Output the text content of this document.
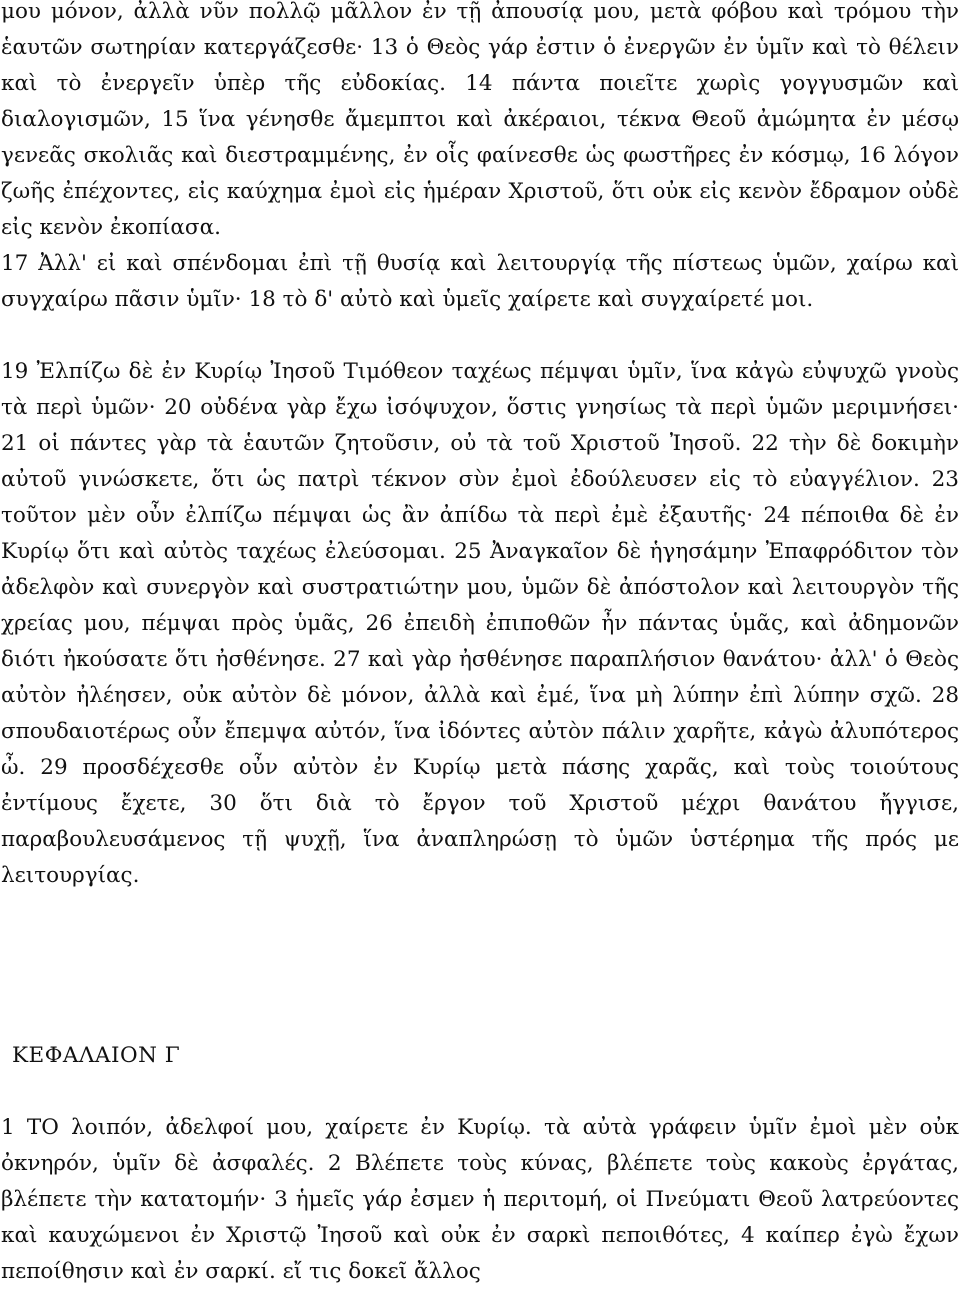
μου μόνον, ἀλλὰ νῦν πολλῷ μᾶλλον ἐν τῇ ἀπουσίᾳ μου, μετὰ φόβου καὶ τρόμου τὴν ἑαυτῶν σωτηρίαν κατεργάζεσθε· 13 ὁ Θεὸς γάρ ἐστιν ὁ ἐνεργῶν ἐν ὑμῖν καὶ τὸ θέλειν καὶ τὸ ἐνεργεῖν ὑπὲρ τῆς εὐδοκίας. 14 πάντα ποιεῖτε χωρὶς γογγυσμῶν καὶ διαλογισμῶν, 15 ἵνα γένησθε ἄμεμπτοι καὶ ἀκέραιοι, τέκνα Θεοῦ ἀμώμητα ἐν μέσῳ γενεᾶς σκολιᾶς καὶ διεστραμμένης, ἐν οἷς φαίνεσθε ὡς φωστῆρες ἐν κόσμῳ, 16 λόγον ζωῆς ἐπέχοντες, εἰς καύχημα ἐμοὶ εἰς ἡμέραν Χριστοῦ, ὅτι οὐκ εἰς κενὸν ἔδραμον οὐδὲ εἰς κενὸν ἐκοπίασα.

17 Ἀλλ' εἰ καὶ σπένδομαι ἐπὶ τῇ θυσίᾳ καὶ λειτουργίᾳ τῆς πίστεως ὑμῶν, χαίρω καὶ συγχαίρω πᾶσιν ὑμῖν· 18 τὸ δ' αὐτὸ καὶ ὑμεῖς χαίρετε καὶ συγχαίρετέ μοι.

19 Ἐλπίζω δὲ ἐν Κυρίῳ Ἰησοῦ Τιμόθεον ταχέως πέμψαι ὑμῖν, ἵνα κἀγὼ εὐψυχῶ γνοὺς τὰ περὶ ὑμῶν· 20 οὐδένα γὰρ ἔχω ἰσόψυχον, ὅστις γνησίως τὰ περὶ ὑμῶν μεριμνήσει· 21 οἱ πάντες γὰρ τὰ ἑαυτῶν ζητοῦσιν, οὐ τὰ τοῦ Χριστοῦ Ἰησοῦ. 22 τὴν δὲ δοκιμὴν αὐτοῦ γινώσκετε, ὅτι ὡς πατρὶ τέκνον σὺν ἐμοὶ ἐδούλευσεν εἰς τὸ εὐαγγέλιον. 23 τοῦτον μὲν οὖν ἐλπίζω πέμψαι ὡς ἂν ἀπίδω τὰ περὶ ἐμὲ ἐξαυτῆς· 24 πέποιθα δὲ ἐν Κυρίῳ ὅτι καὶ αὐτὸς ταχέως ἐλεύσομαι. 25 Ἀναγκαῖον δὲ ἡγησάμην Ἐπαφρόδιτον τὸν ἀδελφὸν καὶ συνεργὸν καὶ συστρατιώτην μου, ὑμῶν δὲ ἀπόστολον καὶ λειτουργὸν τῆς χρείας μου, πέμψαι πρὸς ὑμᾶς, 26 ἐπειδὴ ἐπιποθῶν ἦν πάντας ὑμᾶς, καὶ ἀδημονῶν διότι ἠκούσατε ὅτι ἠσθένησε. 27 καὶ γὰρ ἠσθένησε παραπλήσιον θανάτου· ἀλλ' ὁ Θεὸς αὐτὸν ἠλέησεν, οὐκ αὐτὸν δὲ μόνον, ἀλλὰ καὶ ἐμέ, ἵνα μὴ λύπην ἐπὶ λύπην σχῶ. 28 σπουδαιοτέρως οὖν ἔπεμψα αὐτόν, ἵνα ἰδόντες αὐτὸν πάλιν χαρῆτε, κἀγὼ ἀλυπότερος ὦ. 29 προσδέχεσθε οὖν αὐτὸν ἐν Κυρίῳ μετὰ πάσης χαρᾶς, καὶ τοὺς τοιούτους ἐντίμους ἔχετε, 30 ὅτι διὰ τὸ ἔργον τοῦ Χριστοῦ μέχρι θανάτου ἤγγισε, παραβουλευσάμενος τῇ ψυχῇ, ἵνα ἀναπληρώσῃ τὸ ὑμῶν ὑστέρημα τῆς πρός με λειτουργίας.

ΚΕΦΑΛΑΙΟΝ Γ

1 ΤΟ λοιπόν, ἀδελφοί μου, χαίρετε ἐν Κυρίῳ. τὰ αὐτὰ γράφειν ὑμῖν ἐμοὶ μὲν οὐκ ὀκνηρόν, ὑμῖν δὲ ἀσφαλές. 2 Βλέπετε τοὺς κύνας, βλέπετε τοὺς κακοὺς ἐργάτας, βλέπετε τὴν κατατομήν· 3 ἡμεῖς γάρ ἐσμεν ἡ περιτομή, οἱ Πνεύματι Θεοῦ λατρεύοντες καὶ καυχώμενοι ἐν Χριστῷ Ἰησοῦ καὶ οὐκ ἐν σαρκὶ πεποιθότες, 4 καίπερ ἐγὼ ἔχων πεποίθησιν καὶ ἐν σαρκί. εἴ τις δοκεῖ ἄλλος
